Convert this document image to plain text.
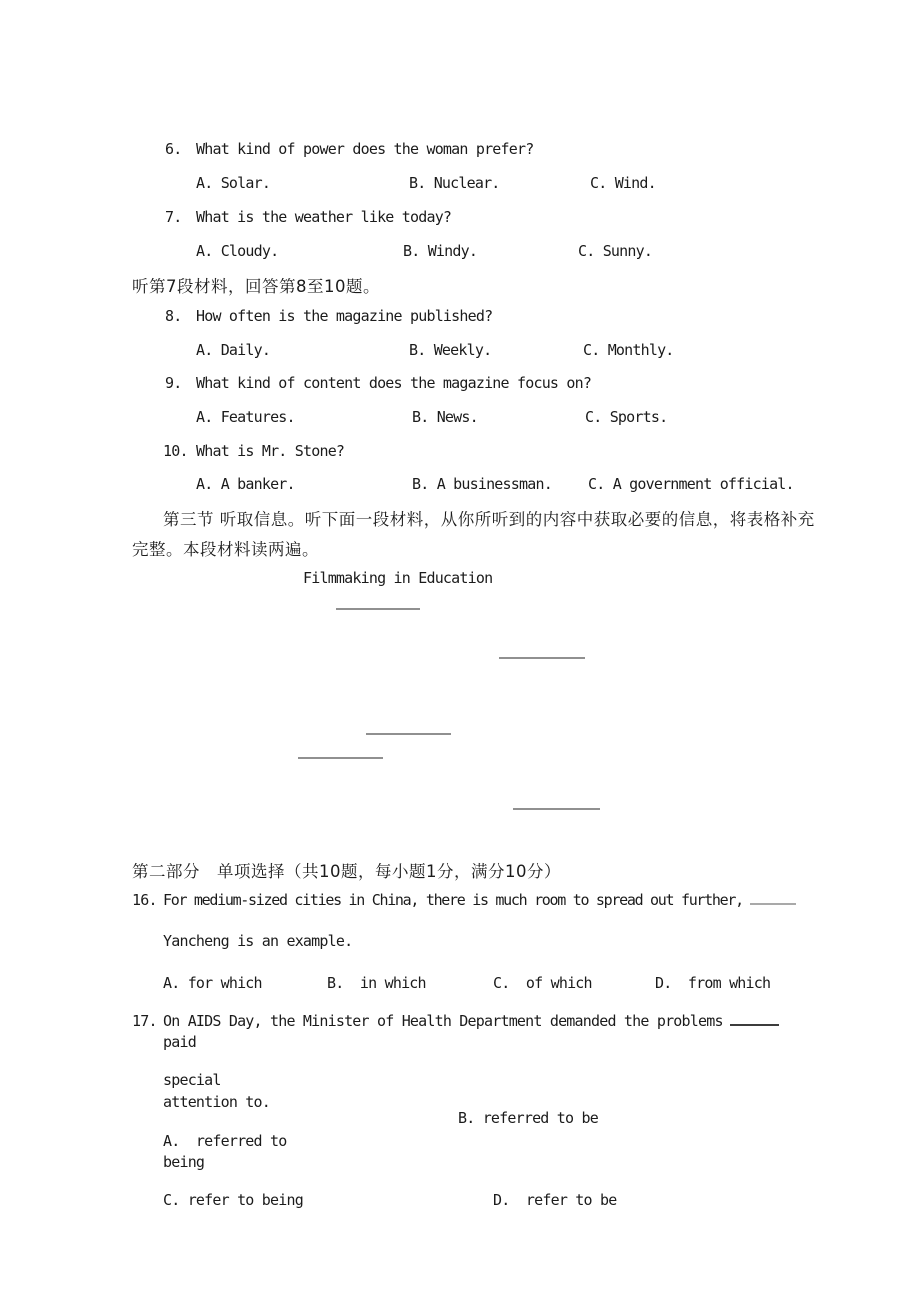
6. What kind of power does the woman prefer?
A. Solar.	B. Nuclear.	C. Wind.
7. What is the weather like today?
A. Cloudy.	B. Windy.	C. Sunny.
听第7段材料，回答第8至10题。
8. How often is the magazine published?
A. Daily.	B. Weekly.	C. Monthly.
9. What kind of content does the magazine focus on?
A. Features.	B. News.	C. Sports.
10. What is Mr. Stone?
A. A banker.	B. A businessman. C. A government official.
第三节 听取信息。听下面一段材料，从你所听到的内容中获取必要的信息，将表格补充
完整。本段材料读两遍。
Filmmaking in Education
第二部分　单项选择（共10题，每小题1分，满分10分）
16. For medium-sized cities in China, there is much room to spread out further,
Yancheng is an example.
A. for which	B.  in which	C.  of which	D.  from which
17. On AIDS Day, the Minister of Health Department demanded the problems
paid
special
attention to.
B. referred to be
A.  referred to
being
C. refer to being	D.  refer to be
